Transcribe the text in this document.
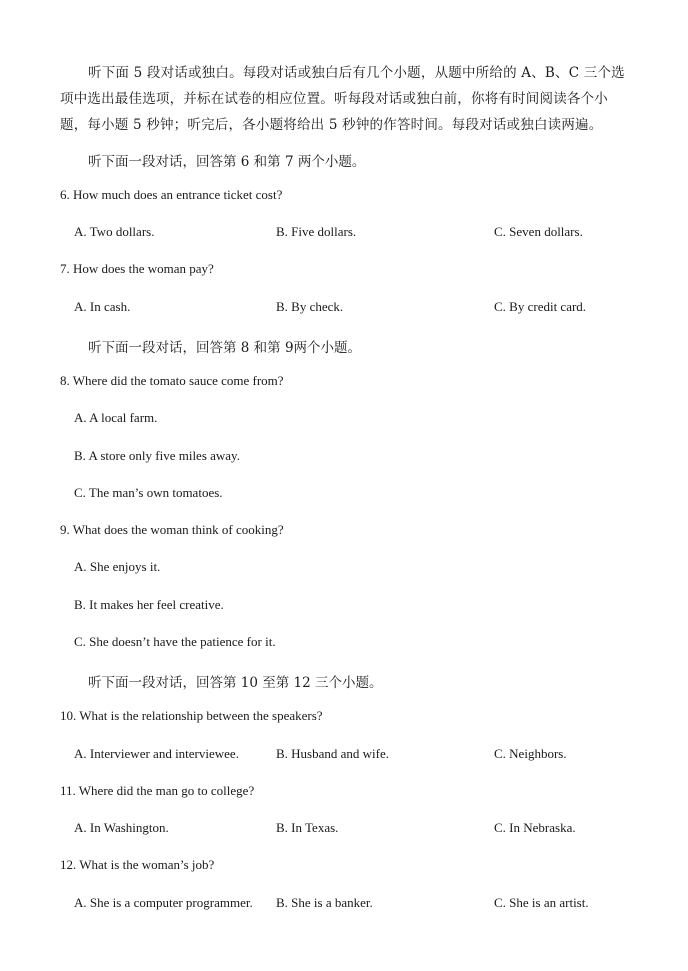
听下面 5 段对话或独白。每段对话或独白后有几个小题，从题中所给的 A、B、C 三个选项中选出最佳选项，并标在试卷的相应位置。听每段对话或独白前，你将有时间阅读各个小题，每小题 5 秒钟；听完后，各小题将给出 5 秒钟的作答时间。每段对话或独白读两遍。
听下面一段对话，回答第 6 和第 7 两个小题。
6. How much does an entrance ticket cost?
A. Two dollars.	B. Five dollars.	C. Seven dollars.
7. How does the woman pay?
A. In cash.	B. By check.	C. By credit card.
听下面一段对话，回答第 8 和第 9两个小题。
8. Where did the tomato sauce come from?
A. A local farm.
B. A store only five miles away.
C. The man’s own tomatoes.
9. What does the woman think of cooking?
A. She enjoys it.
B. It makes her feel creative.
C. She doesn’t have the patience for it.
听下面一段对话，回答第 10 至第 12 三个小题。
10. What is the relationship between the speakers?
A. Interviewer and interviewee.	B. Husband and wife.	C. Neighbors.
11. Where did the man go to college?
A. In Washington.	B. In Texas.	C. In Nebraska.
12. What is the woman’s job?
A. She is a computer programmer. B. She is a banker.	C. She is an artist.
